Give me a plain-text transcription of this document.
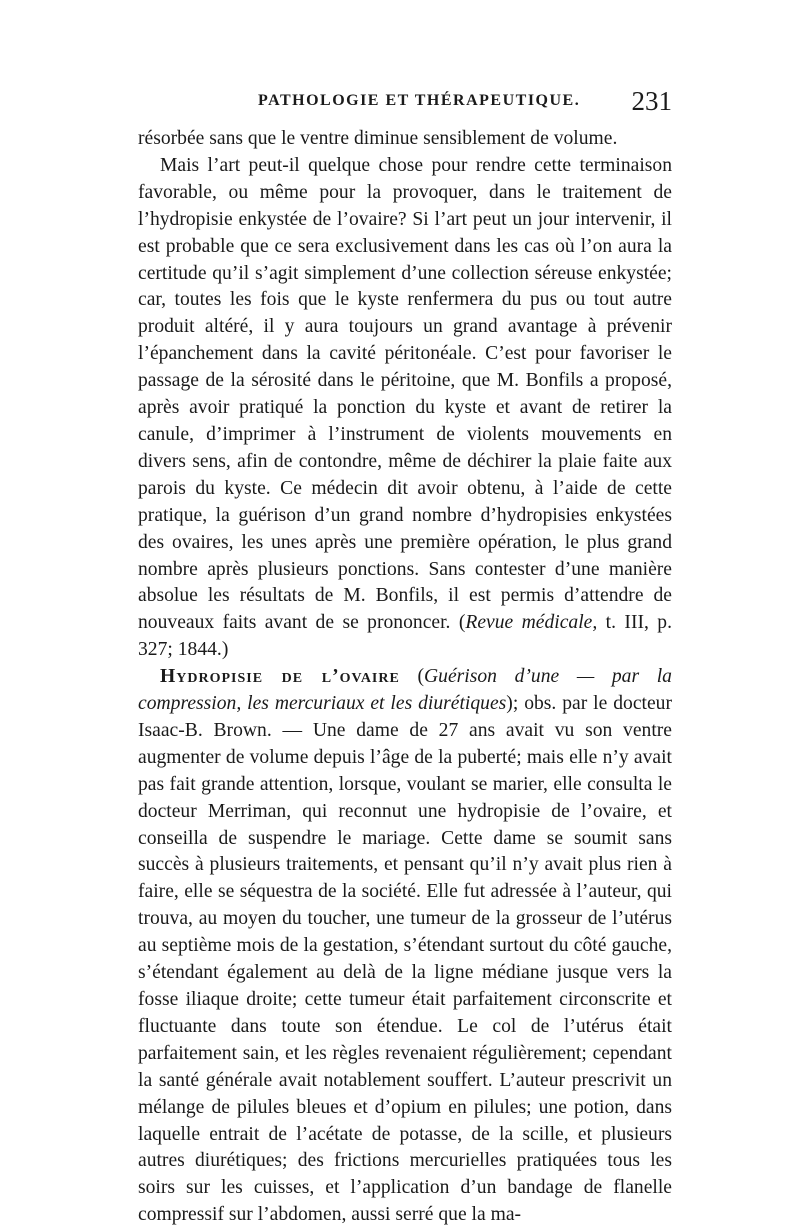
PATHOLOGIE ET THÉRAPEUTIQUE. 231

résorbée sans que le ventre diminue sensiblement de volume.

Mais l’art peut-il quelque chose pour rendre cette terminaison favorable, ou même pour la provoquer, dans le traitement de l’hydropisie enkystée de l’ovaire? Si l’art peut un jour intervenir, il est probable que ce sera exclusivement dans les cas où l’on aura la certitude qu’il s’agit simplement d’une collection séreuse enkystée; car, toutes les fois que le kyste renfermera du pus ou tout autre produit altéré, il y aura toujours un grand avantage à prévenir l’épanchement dans la cavité péritonéale. C’est pour favoriser le passage de la sérosité dans le péritoine, que M. Bonfils a proposé, après avoir pratiqué la ponction du kyste et avant de retirer la canule, d’imprimer à l’instrument de violents mouvements en divers sens, afin de contondre, même de déchirer la plaie faite aux parois du kyste. Ce médecin dit avoir obtenu, à l’aide de cette pratique, la guérison d’un grand nombre d’hydropisies enkystées des ovaires, les unes après une première opération, le plus grand nombre après plusieurs ponctions. Sans contester d’une manière absolue les résultats de M. Bonfils, il est permis d’attendre de nouveaux faits avant de se prononcer. (Revue médicale, t. III, p. 327; 1844.)

Hydropisie de l’ovaire (Guérison d’une — par la compression, les mercuriaux et les diurétiques); obs. par le docteur Isaac-B. Brown. — Une dame de 27 ans avait vu son ventre augmenter de volume depuis l’âge de la puberté; mais elle n’y avait pas fait grande attention, lorsque, voulant se marier, elle consulta le docteur Merriman, qui reconnut une hydropisie de l’ovaire, et conseilla de suspendre le mariage. Cette dame se soumit sans succès à plusieurs traitements, et pensant qu’il n’y avait plus rien à faire, elle se séquestra de la société. Elle fut adressée à l’auteur, qui trouva, au moyen du toucher, une tumeur de la grosseur de l’utérus au septième mois de la gestation, s’étendant surtout du côté gauche, s’étendant également au delà de la ligne médiane jusque vers la fosse iliaque droite; cette tumeur était parfaitement circonscrite et fluctuante dans toute son étendue. Le col de l’utérus était parfaitement sain, et les règles revenaient régulièrement; cependant la santé générale avait notablement souffert. L’auteur prescrivit un mélange de pilules bleues et d’opium en pilules; une potion, dans laquelle entrait de l’acétate de potasse, de la scille, et plusieurs autres diurétiques; des frictions mercurielles pratiquées tous les soirs sur les cuisses, et l’application d’un bandage de flanelle compressif sur l’abdomen, aussi serré que la ma-
